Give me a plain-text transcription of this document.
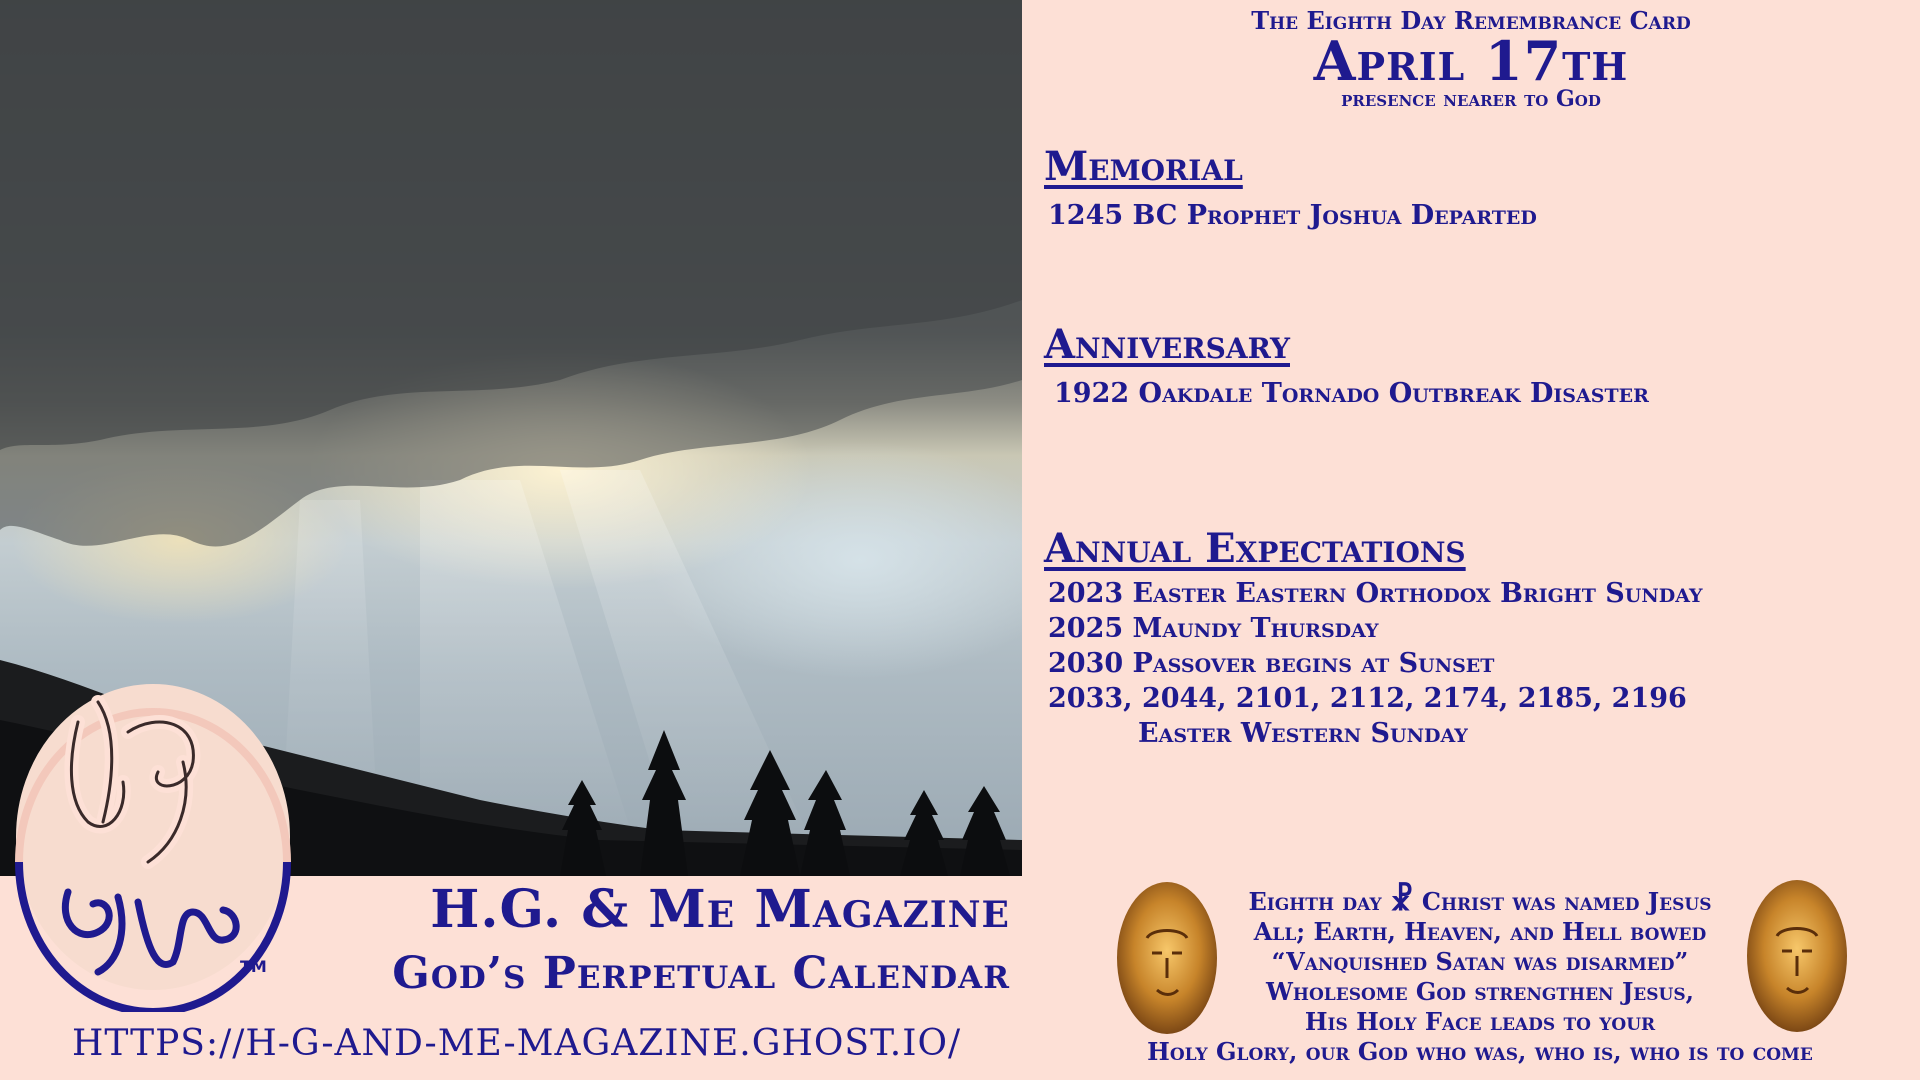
TM
H.G. & Me Magazine
God’s Perpetual Calendar
HTTPS://H-G-AND-ME-MAGAZINE.GHOST.IO/
The Eighth Day Remembrance Card
April 17th
presence nearer to God
Memorial

1245 BC Prophet Joshua Departed

Anniversary

1922 Oakdale Tornado Outbreak Disaster

Annual Expectations

2023 Easter Eastern Orthodox Bright Sunday

2025 Maundy Thursday

2030 Passover begins at Sunset

2033, 2044, 2101, 2112, 2174, 2185, 2196

Easter Western Sunday

Eighth day ☧ Christ was named Jesus
All; Earth, Heaven, and Hell bowed
“Vanquished Satan was disarmed”
Wholesome God strengthen Jesus,
His Holy Face leads to your
Holy Glory, our God who was, who is, who is to come
